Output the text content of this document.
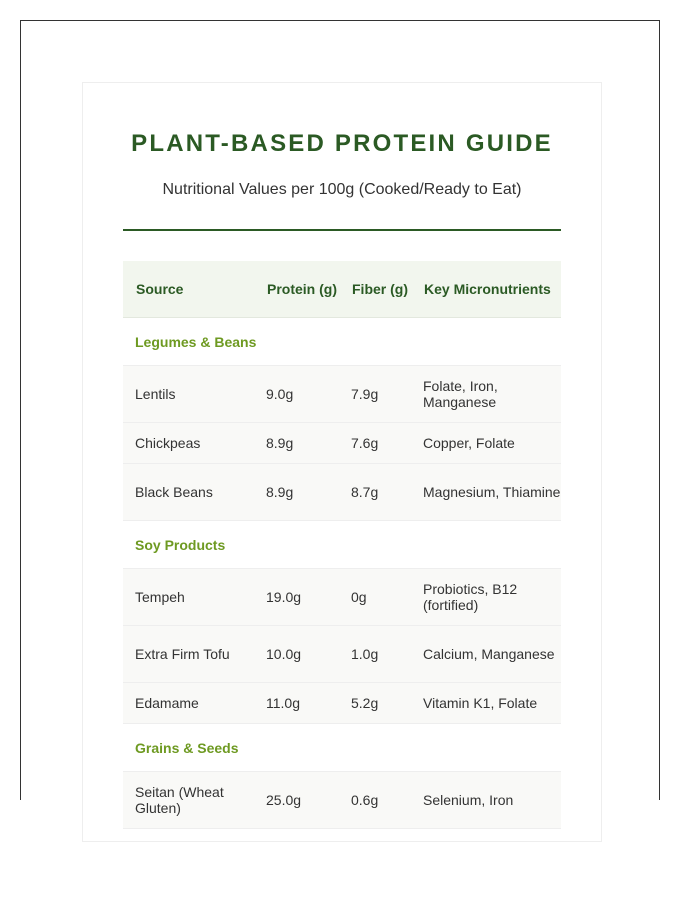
PLANT-BASED PROTEIN GUIDE
Nutritional Values per 100g (Cooked/Ready to Eat)
Source	Protein (g)	Fiber (g)	Key Micronutrients
Legumes & Beans			
Lentils	9.0g	7.9g	Folate, Iron, Manganese
Chickpeas	8.9g	7.6g	Copper, Folate
Black Beans	8.9g	8.7g	Magnesium, Thiamine
Soy Products			
Tempeh	19.0g	0g	Probiotics, B12 (fortified)
Extra Firm Tofu	10.0g	1.0g	Calcium, Manganese
Edamame	11.0g	5.2g	Vitamin K1, Folate
Grains & Seeds			
Seitan (Wheat Gluten)	25.0g	0.6g	Selenium, Iron
